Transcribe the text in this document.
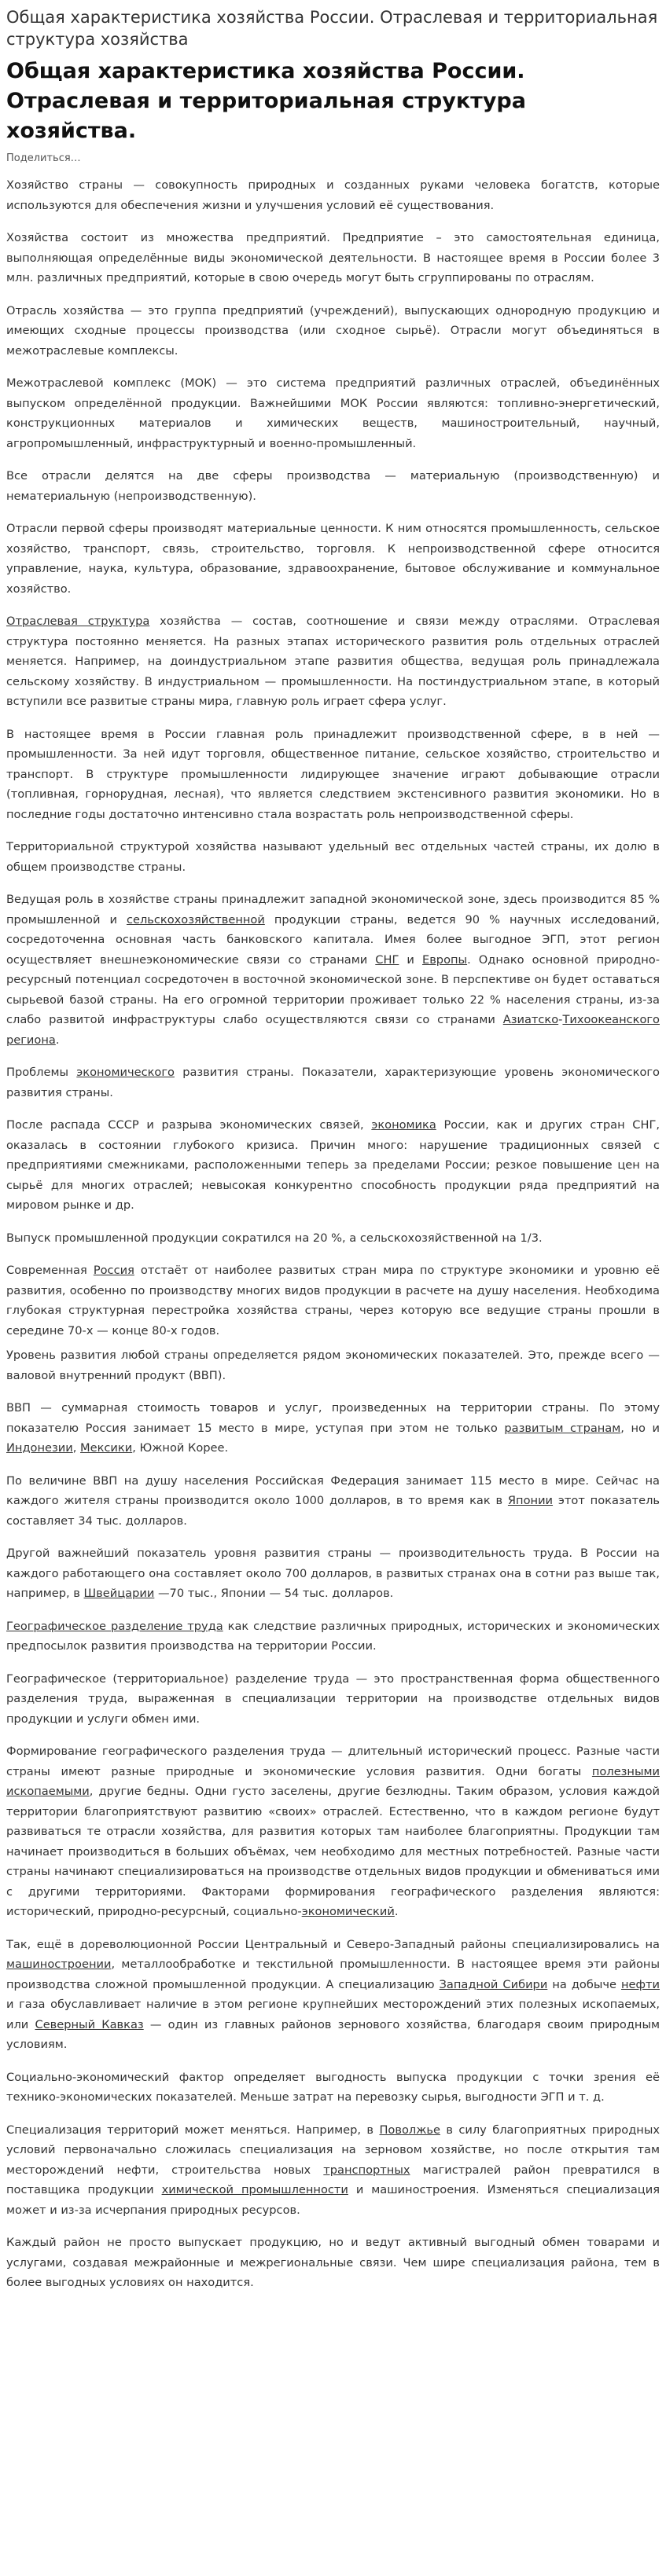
Общая характеристика хозяйства России. Отраслевая и территориальная структура хозяйства
Общая характеристика хозяйства России. Отраслевая и территориальная структура хозяйства.
Поделиться…

Хозяйство страны — совокупность природных и созданных руками человека богатств, которые используются для обеспечения жизни и улучшения условий её существования.

Хозяйства состоит из множества предприятий. Предприятие – это самостоятельная единица, выполняющая определённые виды экономической деятельности. В настоящее время в России более 3 млн. различных предприятий, которые в свою очередь могут быть сгруппированы по отраслям.

Отрасль хозяйства — это группа предприятий (учреждений), выпускающих однородную продукцию и имеющих сходные процессы производства (или сходное сырьё). Отрасли могут объединяться в межотраслевые комплексы.

Межотраслевой комплекс (МОК) — это система предприятий различных отраслей, объединённых выпуском определённой продукции. Важнейшими МОК России являются: топливно-энергетический, конструкционных материалов и химических веществ, машиностроительный, научный, агропромышленный, инфраструктурный и военно-промышленный.

Все отрасли делятся на две сферы производства — материальную (производственную) и нематериальную (непроизводственную).

Отрасли первой сферы производят материальные ценности. К ним относятся промышленность, сельское хозяйство, транспорт, связь, строительство, торговля. К непроизводственной сфере относится управление, наука, культура, образование, здравоохранение, бытовое обслуживание и коммунальное хозяйство.

Отраслевая структура хозяйства — состав, соотношение и связи между отраслями. Отраслевая структура постоянно меняется. На разных этапах исторического развития роль отдельных отраслей меняется. Например, на доиндустриальном этапе развития общества, ведущая роль принадлежала сельскому хозяйству. В индустриальном — промышленности. На постиндустриальном этапе, в который вступили все развитые страны мира, главную роль играет сфера услуг.

В настоящее время в России главная роль принадлежит производственной сфере, в в ней — промышленности. За ней идут торговля, общественное питание, сельское хозяйство, строительство и транспорт. В структуре промышленности лидирующее значение играют добывающие отрасли (топливная, горнорудная, лесная), что является следствием экстенсивного развития экономики. Но в последние годы достаточно интенсивно стала возрастать роль непроизводственной сферы.

Территориальной структурой хозяйства называют удельный вес отдельных частей страны, их долю в общем производстве страны.

Ведущая роль в хозяйстве страны принадлежит западной экономической зоне, здесь производится 85 % промышленной и сельскохозяйственной продукции страны, ведется 90 % научных исследований, сосредоточенна основная часть банковского капитала. Имея более выгодное ЭГП, этот регион осуществляет внешнеэкономические связи со странами СНГ и Европы. Однако основной природно-ресурсный потенциал сосредоточен в восточной экономической зоне. В перспективе он будет оставаться сырьевой базой страны. На его огромной территории проживает только 22 % населения страны, из-за слабо развитой инфраструктуры слабо осуществляются связи со странами Азиатско-Тихоокеанского региона.

Проблемы экономического развития страны. Показатели, характеризующие уровень экономического развития страны.

После распада СССР и разрыва экономических связей, экономика России, как и других стран СНГ, оказалась в состоянии глубокого кризиса. Причин много: нарушение традиционных связей с предприятиями смежниками, расположенными теперь за пределами России; резкое повышение цен на сырьё для многих отраслей; невысокая конкурентно способность продукции ряда предприятий на мировом рынке и др.

Выпуск промышленной продукции сократился на 20 %, а сельскохозяйственной на 1/3.

Современная Россия отстаёт от наиболее развитых стран мира по структуре экономики и уровню её развития, особенно по производству многих видов продукции в расчете на душу населения. Необходима глубокая структурная перестройка хозяйства страны, через которую все ведущие страны прошли в середине 70-х — конце 80-х годов.

Уровень развития любой страны определяется рядом экономических показателей. Это, прежде всего — валовой внутренний продукт (ВВП).

ВВП — суммарная стоимость товаров и услуг, произведенных на территории страны. По этому показателю Россия занимает 15 место в мире, уступая при этом не только развитым странам, но и Индонезии, Мексики, Южной Корее.

По величине ВВП на душу населения Российская Федерация занимает 115 место в мире. Сейчас на каждого жителя страны производится около 1000 долларов, в то время как в Японии этот показатель составляет 34 тыс. долларов.

Другой важнейший показатель уровня развития страны — производительность труда. В России на каждого работающего она составляет около 700 долларов, в развитых странах она в сотни раз выше так, например, в Швейцарии —70 тыс., Японии — 54 тыс. долларов.

Географическое разделение труда как следствие различных природных, исторических и экономических предпосылок развития производства на территории России.

Географическое (территориальное) разделение труда — это пространственная форма общественного разделения труда, выраженная в специализации территории на производстве отдельных видов продукции и услуги обмен ими.

Формирование географического разделения труда — длительный исторический процесс. Разные части страны имеют разные природные и экономические условия развития. Одни богаты полезными ископаемыми, другие бедны. Одни густо заселены, другие безлюдны. Таким образом, условия каждой территории благоприятствуют развитию «своих» отраслей. Естественно, что в каждом регионе будут развиваться те отрасли хозяйства, для развития которых там наиболее благоприятны. Продукции там начинает производиться в больших объёмах, чем необходимо для местных потребностей. Разные части страны начинают специализироваться на производстве отдельных видов продукции и обмениваться ими с другими территориями. Факторами формирования географического разделения являются: исторический, природно-ресурсный, социально-экономический.

Так, ещё в дореволюционной России Центральный и Северо-Западный районы специализировались на машиностроении, металлообработке и текстильной промышленности. В настоящее время эти районы производства сложной промышленной продукции. А специализацию Западной Сибири на добыче нефти и газа обуславливает наличие в этом регионе крупнейших месторождений этих полезных ископаемых, или Северный Кавказ — один из главных районов зернового хозяйства, благодаря своим природным условиям.

Социально-экономический фактор определяет выгодность выпуска продукции с точки зрения её технико-экономических показателей. Меньше затрат на перевозку сырья, выгодности ЭГП и т. д.

Специализация территорий может меняться. Например, в Поволжье в силу благоприятных природных условий первоначально сложилась специализация на зерновом хозяйстве, но после открытия там месторождений нефти, строительства новых транспортных магистралей район превратился в поставщика продукции химической промышленности и машиностроения. Изменяться специализация может и из-за исчерпания природных ресурсов.

Каждый район не просто выпускает продукцию, но и ведут активный выгодный обмен товарами и услугами, создавая межрайонные и межрегиональные связи. Чем шире специализация района, тем в более выгодных условиях он находится.
